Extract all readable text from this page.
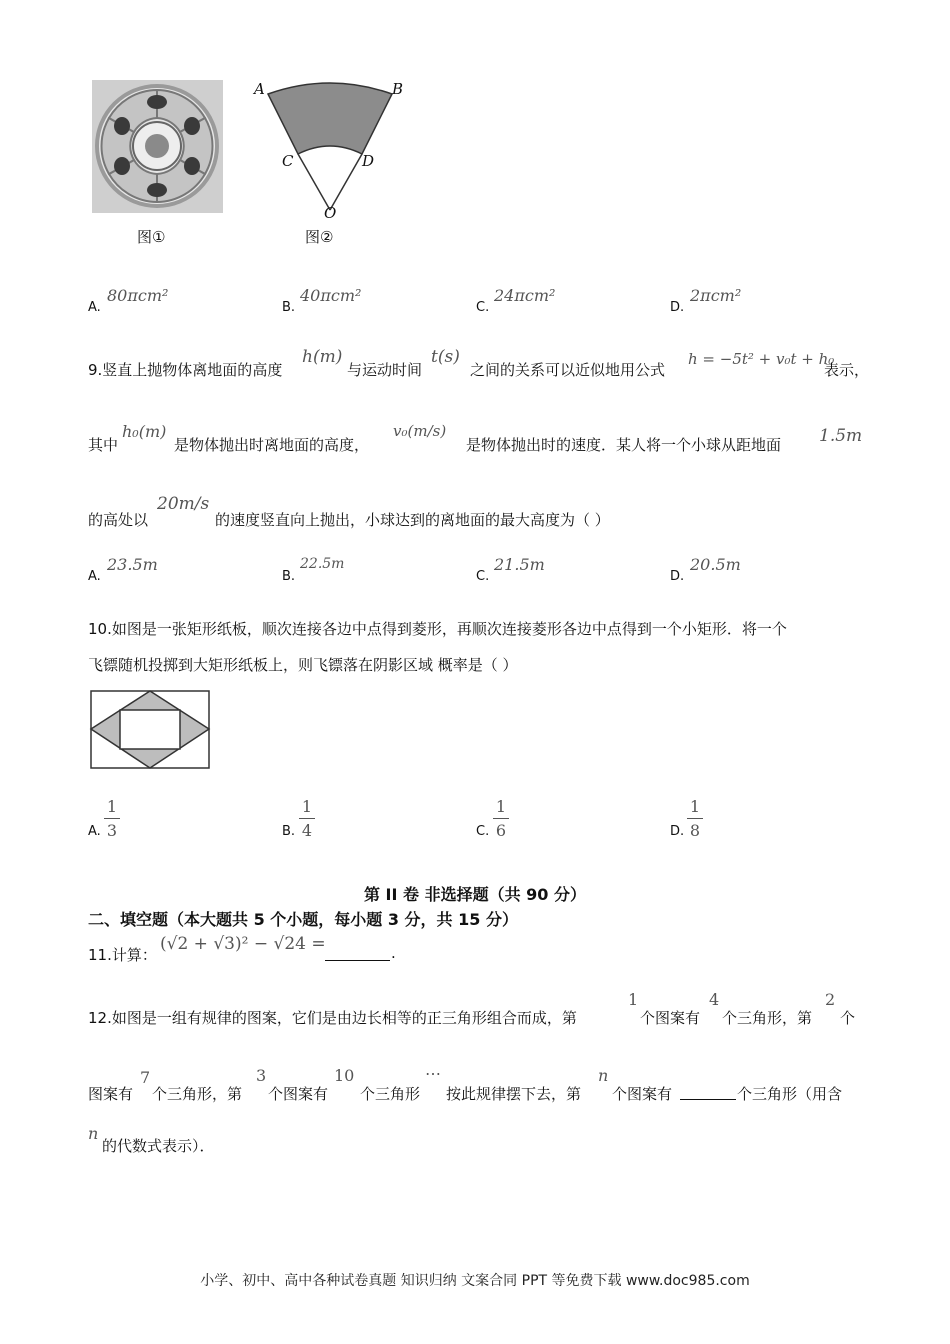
图①
A	B
C	D
O
图②
A.
80πcm²
B.
40πcm²
C.
24πcm²
D.
2πcm²
9.竖直上抛物体离地面的高度
h(m)
与运动时间
t(s)
之间的关系可以近似地用公式
h = −5t² + v₀t + h₀
表示，
其中
h₀(m)
是物体抛出时离地面的高度，
v₀(m/s)
是物体抛出时的速度．某人将一个小球从距地面 1.5m
的高处以
20m/s
的速度竖直向上抛出，小球达到的离地面的最大高度为（ ）
A.
23.5m
B.
22.5m
C.
21.5m
D.
20.5m
10.如图是一张矩形纸板，顺次连接各边中点得到菱形，再顺次连接菱形各边中点得到一个小矩形．将一个
飞镖随机投掷到大矩形纸板上，则飞镖落在阴影区域 概率是（ ）
A.
1
3	B.
1
4	C.
1
6	D.
1
8
第 II 卷 非选择题（共 90 分）
二、填空题（本大题共 5 个小题，每小题 3 分，共 15 分）
11.计算：
(√2 + √3)² − √24 =	.
12.如图是一组有规律的图案，它们是由边长相等的正三角形组合而成，第
1
个图案有
4
个三角形，第
2
个
图案有
7
个三角形，第
3
个图案有
10
个三角形
⋯
按此规律摆下去，第
n
个图案有	个三角形（用含
n
的代数式表示）．
小学、初中、高中各种试卷真题 知识归纳 文案合同 PPT 等免费下载 www.doc985.com
